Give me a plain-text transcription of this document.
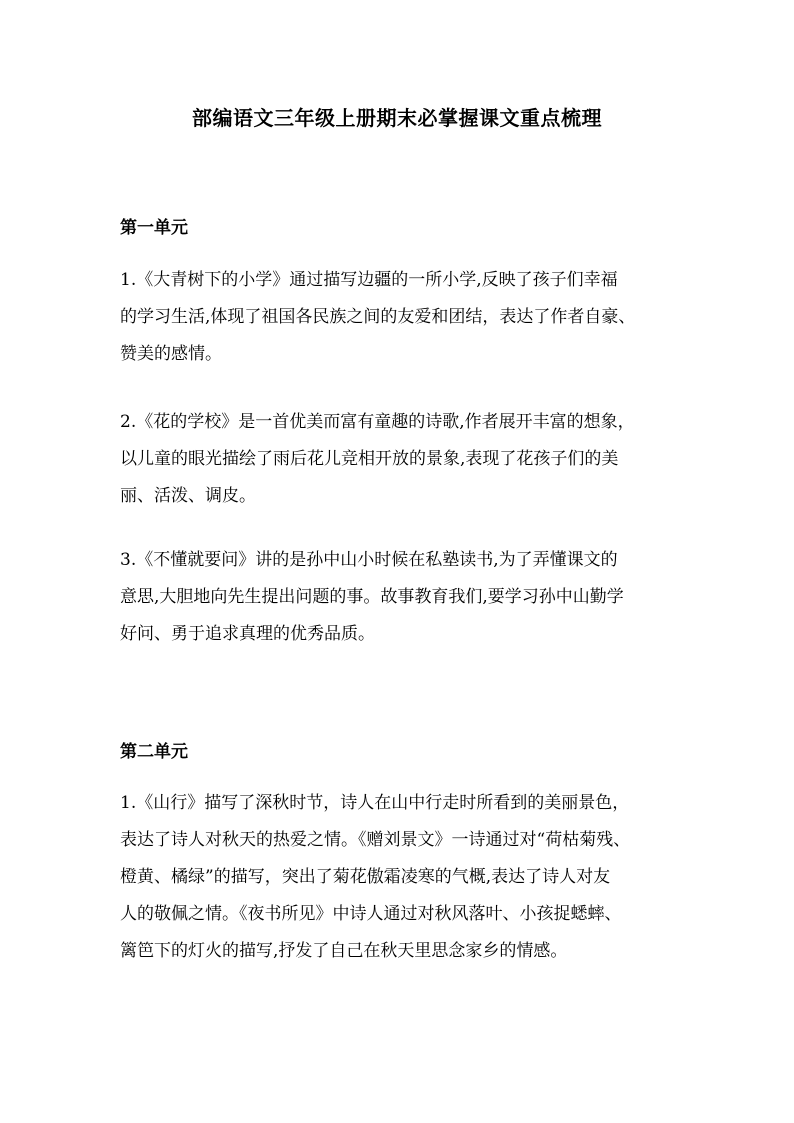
部编语文三年级上册期末必掌握课文重点梳理
第一单元

1.《大青树下的小学》通过描写边疆的一所小学,反映了孩子们幸福
的学习生活,体现了祖国各民族之间的友爱和团结，表达了作者自豪、
赞美的感情。

2.《花的学校》是一首优美而富有童趣的诗歌,作者展开丰富的想象，
以儿童的眼光描绘了雨后花儿竞相开放的景象,表现了花孩子们的美
丽、活泼、调皮。

3.《不懂就要问》讲的是孙中山小时候在私塾读书,为了弄懂课文的
意思,大胆地向先生提出问题的事。故事教育我们,要学习孙中山勤学
好问、勇于追求真理的优秀品质。

第二单元

1.《山行》描写了深秋时节，诗人在山中行走时所看到的美丽景色，
表达了诗人对秋天的热爱之情。《赠刘景文》一诗通过对“荷枯菊残、
橙黄、橘绿”的描写，突出了菊花傲霜凌寒的气概,表达了诗人对友
人的敬佩之情。《夜书所见》中诗人通过对秋风落叶、小孩捉蟋蟀、
篱笆下的灯火的描写,抒发了自己在秋天里思念家乡的情感。
